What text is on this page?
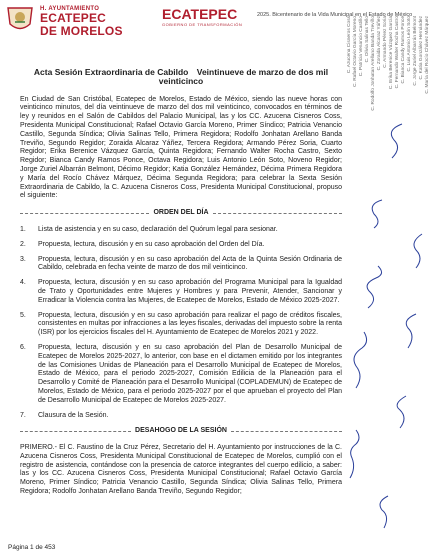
H. AYUNTAMIENTO
ECATEPEC
DE MORELOS
ECATEPEC
GOBIERNO DE TRANSFORMACIÓN
2025. Bicentenario de la Vida Municipal en el Estado de México
Acta Sesión Extraordinaria de Cabildo Veintinueve de marzo de dos mil veinticinco

En Ciudad de San Cristóbal, Ecatepec de Morelos, Estado de México, siendo las nueve horas con veinticinco minutos, del día veintinueve de marzo del dos mil veinticinco, convocados en términos de ley y reunidos en el Salón de Cabildos del Palacio Municipal, las y los CC. Azucena Cisneros Coss, Presidenta Municipal Constitucional; Rafael Octavio García Moreno, Primer Síndico; Patricia Venancio Castillo, Segunda Síndica; Olivia Salinas Tello, Primera Regidora; Rodolfo Jonhatan Arellano Banda Treviño, Segundo Regidor; Zoraida Alcaraz Yáñez, Tercera Regidora; Armando Pérez Soria, Cuarto Regidor; Erika Berenice Vázquez García, Quinta Regidora; Fernando Walter Rocha Castro, Sexto Regidor; Bianca Candy Ramos Ponce, Octava Regidora; Luis Antonio León Soto, Noveno Regidor; Jorge Zuriel Albarrán Belmont, Décimo Regidor; Katia González Hernández, Décima Primera Regidora y María del Rocío Chávez Márquez, Décima Segunda Regidora; para celebrar la Sexta Sesión Extraordinaria de Cabildo, la C. Azucena Cisneros Coss, Presidenta Municipal Constitucional, propuso el siguiente:

ORDEN DEL DÍA
1.	Lista de asistencia y en su caso, declaración del Quórum legal para sesionar.
2.	Propuesta, lectura, discusión y en su caso aprobación del Orden del Día.
3.	Propuesta, lectura, discusión y en su caso aprobación del Acta de la Quinta Sesión Ordinaria de Cabildo, celebrada en fecha veinte de marzo de dos mil veinticinco.
4.	Propuesta, lectura, discusión y en su caso aprobación del Programa Municipal para la Igualdad de Trato y Oportunidades entre Mujeres y Hombres y para Prevenir, Atender, Sancionar y Erradicar la Violencia contra las Mujeres, de Ecatepec de Morelos, Estado de México 2025-2027.
5.	Propuesta, lectura, discusión y en su caso aprobación para realizar el pago de créditos fiscales, consistentes en multas por infracciones a las leyes fiscales, derivadas del impuesto sobre la renta (ISR) por los ejercicios fiscales del H. Ayuntamiento de Ecatepec de Morelos 2021 y 2022.
6.	Propuesta, lectura, discusión y en su caso aprobación del Plan de Desarrollo Municipal de Ecatepec de Morelos 2025-2027, lo anterior, con base en el dictamen emitido por los integrantes de las Comisiones Unidas de Planeación para el Desarrollo Municipal de Ecatepec de Morelos, Estado de México, para el periodo 2025-2027, Comisión Edilicia de la Planeación para el Desarrollo y Comité de Planeación para el Desarrollo Municipal (COPLADEMUN) de Ecatepec de Morelos, Estado de México, para el periodo 2025-2027 por el que aprueban el proyecto del Plan de Desarrollo Municipal de Ecatepec de Morelos 2025-2027.
7.	Clausura de la Sesión.
DESAHOGO DE LA SESIÓN

PRIMERO.- El C. Faustino de la Cruz Pérez, Secretario del H. Ayuntamiento por instrucciones de la C. Azucena Cisneros Coss, Presidenta Municipal Constitucional de Ecatepec de Morelos, cumplió con el registro de asistencia, contándose con la presencia de catorce integrantes del cuerpo edilicio, a saber: las y los CC. Azucena Cisneros Coss, Presidenta Municipal Constitucional; Rafael Octavio García Moreno, Primer Síndico; Patricia Venancio Castillo, Segunda Síndica; Olivia Salinas Tello, Primera Regidora; Rodolfo Jonhatan Arellano Banda Treviño, Segundo Regidor;

Página 1 de 453
C. Azucena Cisneros Coss C. Rafael Octavio García Moreno C. Patricia Venancio Castillo C. Olivia Salinas Tello C. Rodolfo Jonhatan Arellano Banda Treviño C. Zoraida Alcaraz Yáñez C. Armando Pérez Soria C. Erika Berenice Vázquez García C. Fernando Walter Rocha Castro C. Bianca Candy Ramos Ponce C. Luis Antonio León Soto C. Jorge Zuriel Albarrán Belmont C. Katia González Hernández C. María del Rocío Chávez Márquez
